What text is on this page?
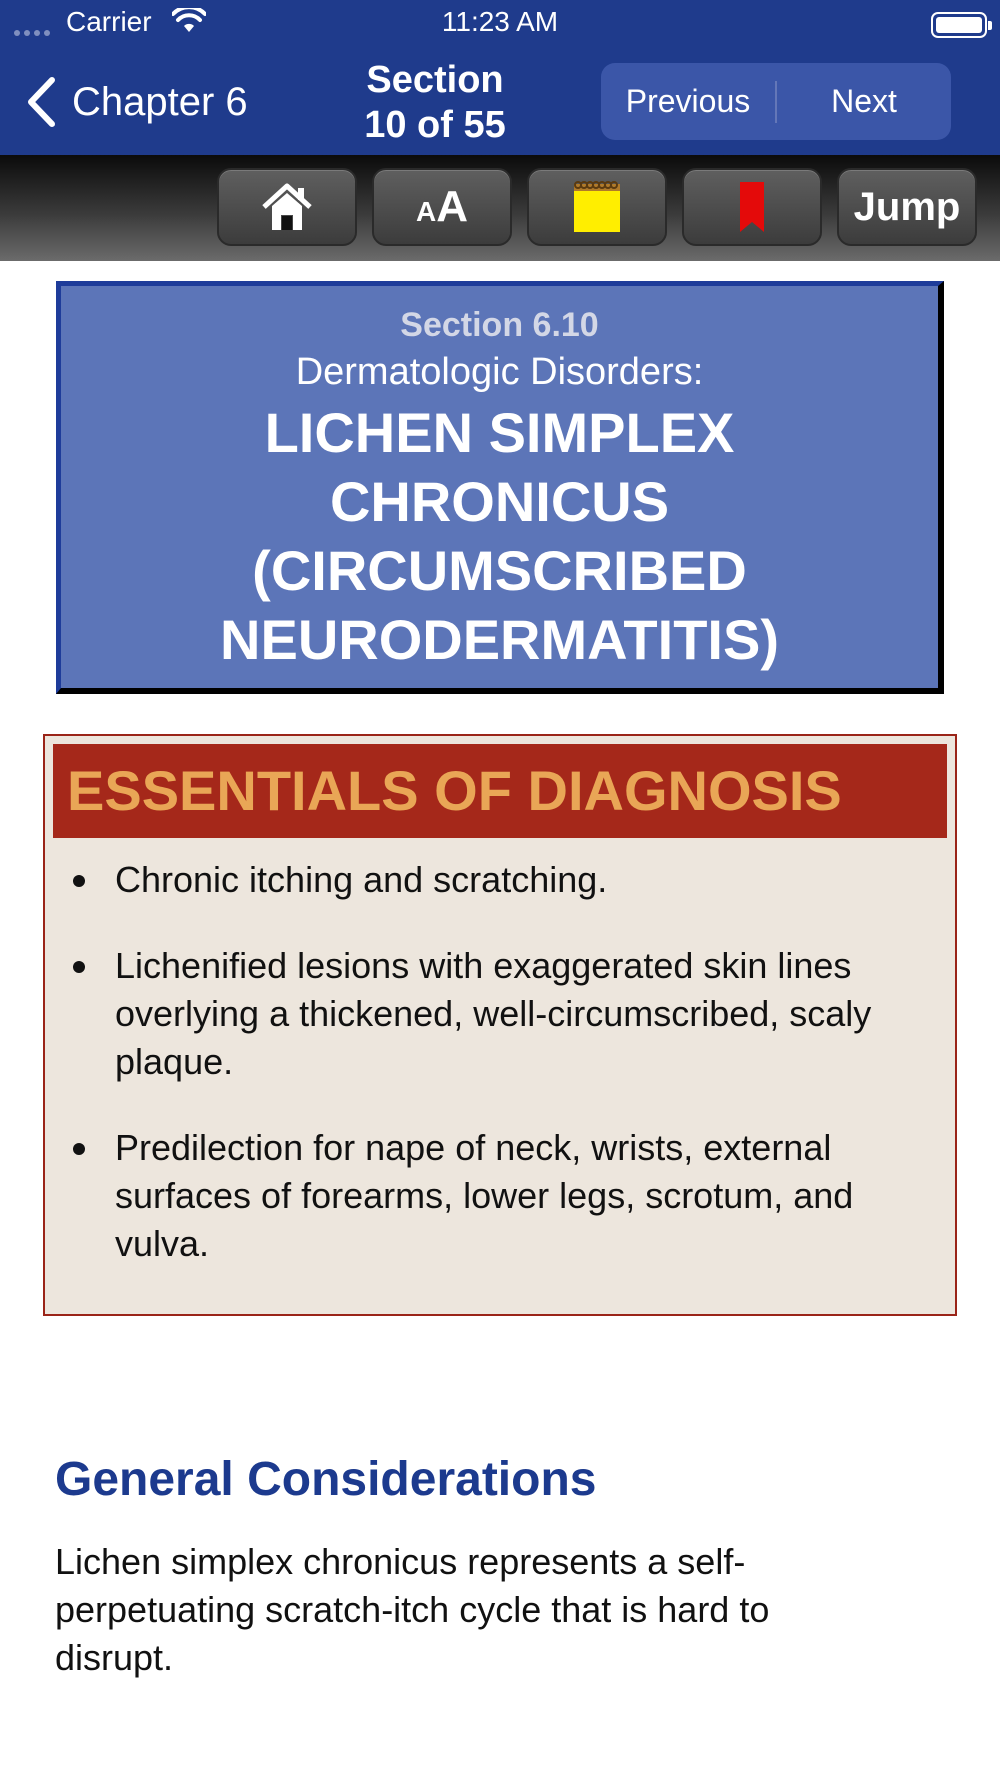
Carrier	11:23 AM
Chapter 6	Section
10 of 55
Previous	Next
A A	Jump
Section 6.10
Dermatologic Disorders:
LICHEN SIMPLEX
CHRONICUS
(CIRCUMSCRIBED
NEURODERMATITIS)
ESSENTIALS OF DIAGNOSIS
Chronic itching and scratching.
Lichenified lesions with exaggerated skin lines overlying a thickened, well-circumscribed, scaly plaque.
Predilection for nape of neck, wrists, external surfaces of forearms, lower legs, scrotum, and vulva.
General Considerations

Lichen simplex chronicus represents a self-perpetuating scratch-itch cycle that is hard to disrupt.
